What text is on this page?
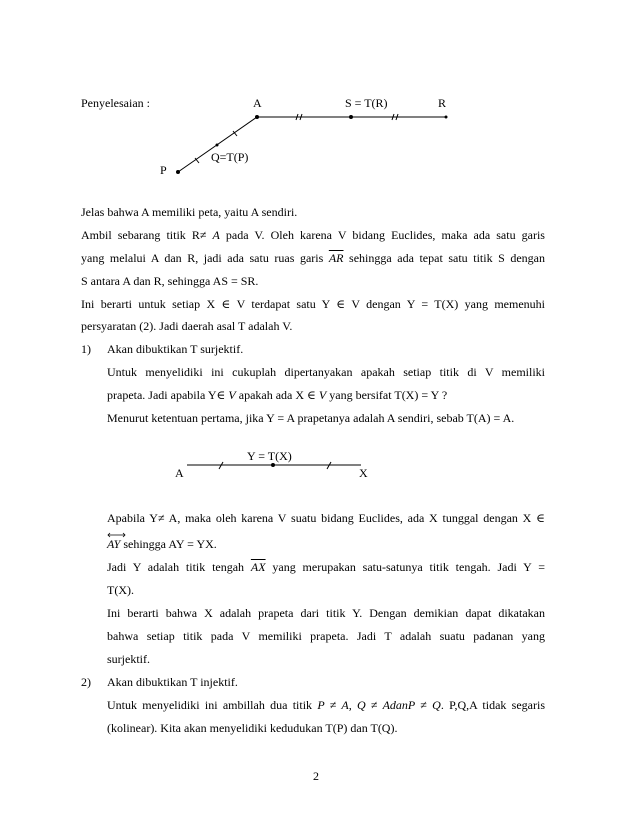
Penyelesaian :	A	S = T(R)	R
Q=T(P)
P
Jelas bahwa A memiliki peta, yaitu A sendiri.
Ambil sebarang titik R≠ A pada V. Oleh karena V bidang Euclides, maka ada satu garis
yang melalui A dan R, jadi ada satu ruas garis $\overline{AR}$ sehingga ada tepat satu titik S dengan
S antara A dan R, sehingga AS = SR.
Ini berarti untuk setiap X ∈ V terdapat satu Y ∈ V dengan Y = T(X) yang memenuhi
persyaratan (2). Jadi daerah asal T adalah V.
1) Akan dibuktikan T surjektif.
Untuk menyelidiki ini cukuplah dipertanyakan apakah setiap titik di V memiliki
prapeta. Jadi apabila Y∈ V apakah ada X ∈ V yang bersifat T(X) = Y ?
Menurut ketentuan pertama, jika Y = A prapetanya adalah A sendiri, sebab T(A) = A.
Y = T(X)
A	X
Apabila Y≠ A, maka oleh karena V suatu bidang Euclides, ada X tunggal dengan X ∈
AY sehingga AY = YX.
Jadi Y adalah titik tengah $\overline{AX}$ yang merupakan satu-satunya titik tengah. Jadi Y =
T(X).
Ini berarti bahwa X adalah prapeta dari titik Y. Dengan demikian dapat dikatakan
bahwa setiap titik pada V memiliki prapeta. Jadi T adalah suatu padanan yang
surjektif.
2) Akan dibuktikan T injektif.
Untuk menyelidiki ini ambillah dua titik P ≠ A, Q ≠ AdanP ≠ Q. P,Q,A tidak segaris
(kolinear). Kita akan menyelidiki kedudukan T(P) dan T(Q).
2
